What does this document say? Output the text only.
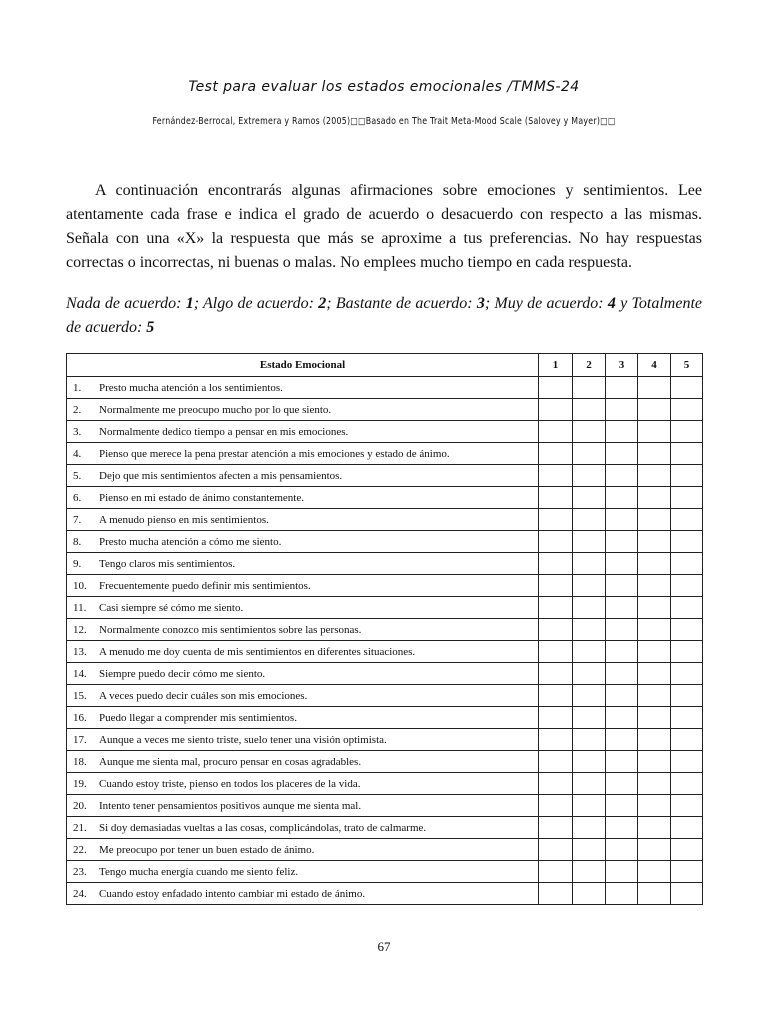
Test para evaluar los estados emocionales /TMMS-24
Fernández-Berrocal, Extremera y Ramos (2005)□□Basado en The Trait Meta-Mood Scale (Salovey y Mayer)□□

A continuación encontrarás algunas afirmaciones sobre emociones y sentimientos. Lee atentamente cada frase e indica el grado de acuerdo o desacuerdo con respecto a las mismas. Señala con una «X» la respuesta que más se aproxime a tus preferencias. No hay respuestas correctas o incorrectas, ni buenas o malas. No emplees mucho tiempo en cada respuesta.

Nada de acuerdo: 1; Algo de acuerdo: 2; Bastante de acuerdo: 3; Muy de acuerdo: 4 y Totalmente de acuerdo: 5

Estado Emocional	1	2	3	4	5
1. Presto mucha atención a los sentimientos.					
2. Normalmente me preocupo mucho por lo que siento.					
3. Normalmente dedico tiempo a pensar en mis emociones.					
4. Pienso que merece la pena prestar atención a mis emociones y estado de ánimo.					
5. Dejo que mis sentimientos afecten a mis pensamientos.					
6. Pienso en mi estado de ánimo constantemente.					
7. A menudo pienso en mis sentimientos.					
8. Presto mucha atención a cómo me siento.					
9. Tengo claros mis sentimientos.					
10. Frecuentemente puedo definir mis sentimientos.					
11. Casi siempre sé cómo me siento.					
12. Normalmente conozco mis sentimientos sobre las personas.					
13. A menudo me doy cuenta de mis sentimientos en diferentes situaciones.					
14. Siempre puedo decir cómo me siento.					
15. A veces puedo decir cuáles son mis emociones.					
16. Puedo llegar a comprender mis sentimientos.					
17. Aunque a veces me siento triste, suelo tener una visión optimista.					
18. Aunque me sienta mal, procuro pensar en cosas agradables.					
19. Cuando estoy triste, pienso en todos los placeres de la vida.					
20. Intento tener pensamientos positivos aunque me sienta mal.					
21. Si doy demasiadas vueltas a las cosas, complicándolas, trato de calmarme.					
22. Me preocupo por tener un buen estado de ánimo.					
23. Tengo mucha energía cuando me siento feliz.					
24. Cuando estoy enfadado intento cambiar mi estado de ánimo.					
67
